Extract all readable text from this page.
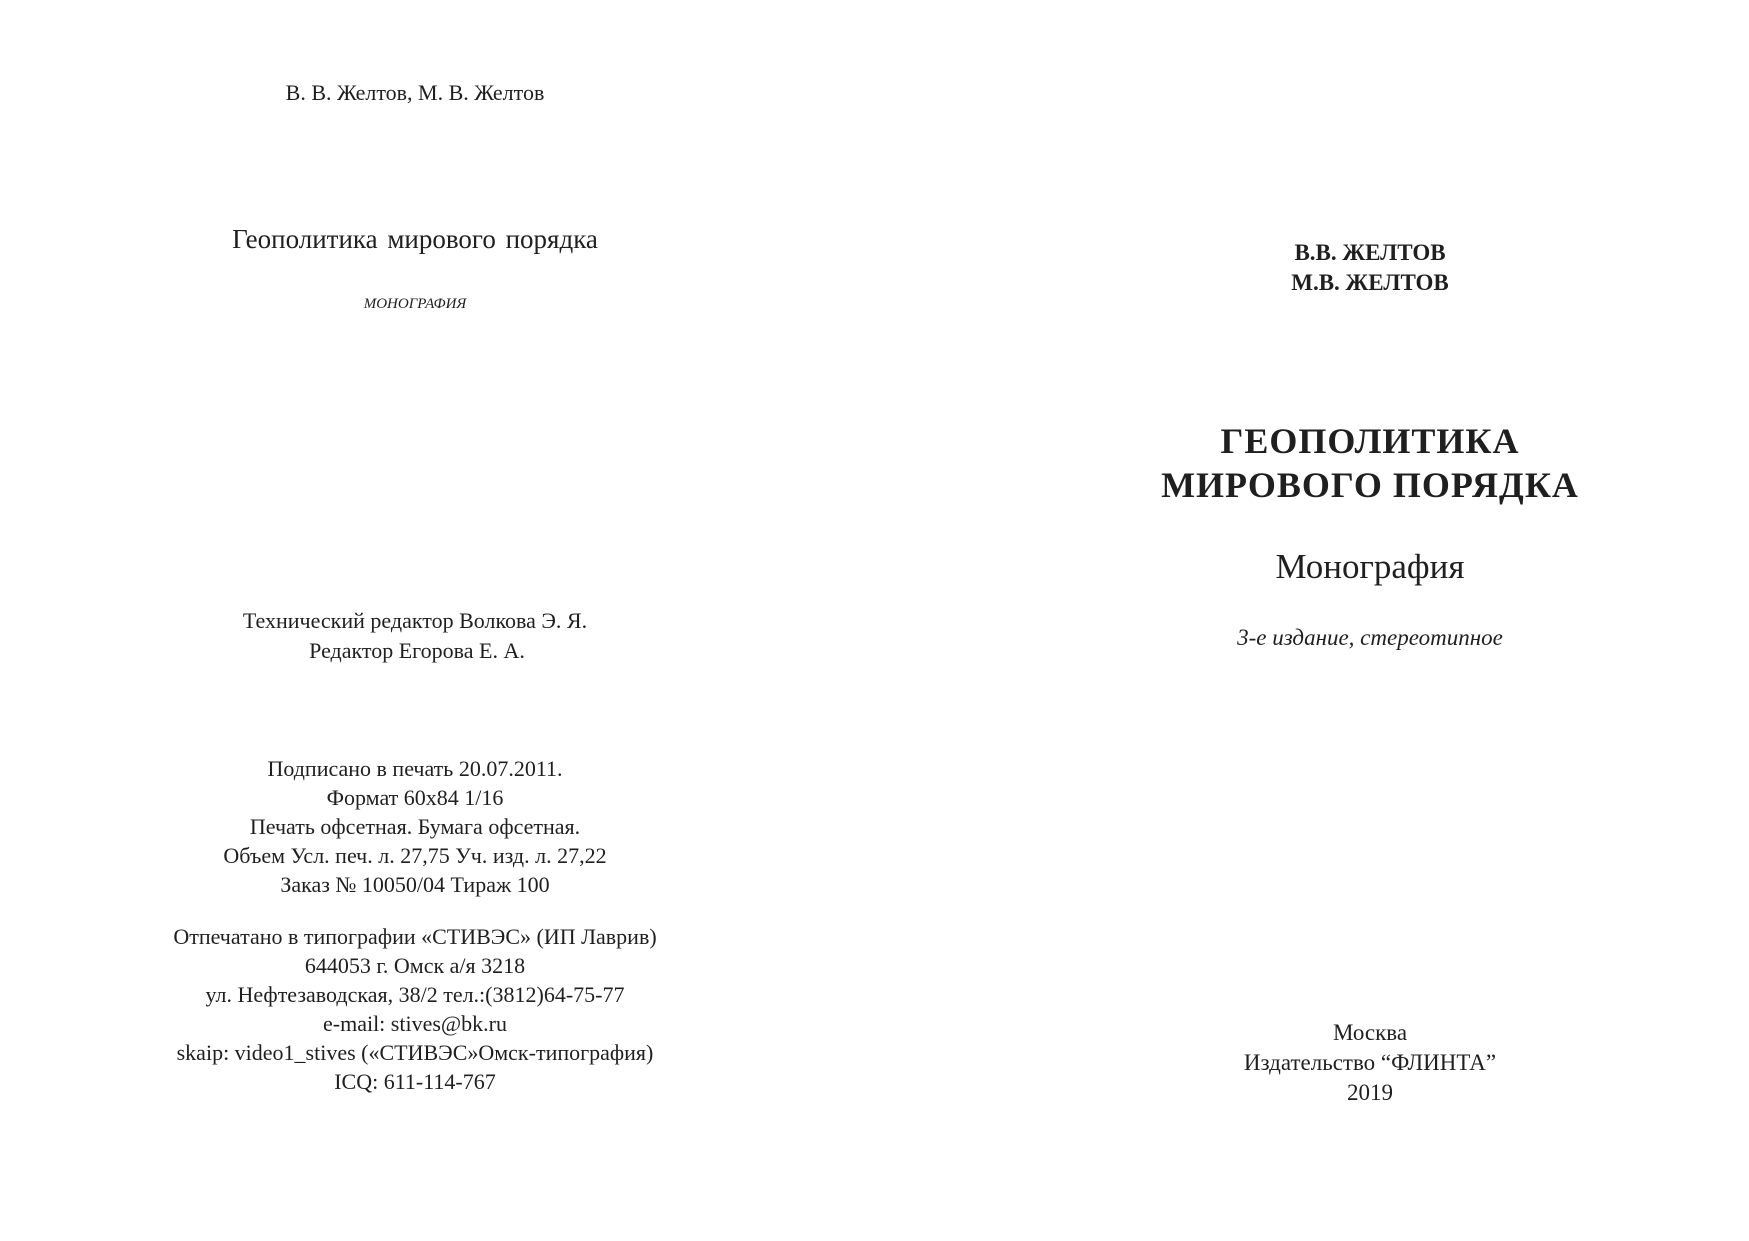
В. В. Желтов, М. В. Желтов
Геополитика мирового порядка
МОНОГРАФИЯ
Технический редактор Волкова Э. Я.
Редактор Егорова Е. А.
Подписано в печать 20.07.2011.
Формат 60х84 1/16
Печать офсетная. Бумага офсетная.
Объем Усл. печ. л. 27,75 Уч. изд. л. 27,22
Заказ № 10050/04 Тираж 100
Отпечатано в типографии «СТИВЭС» (ИП Лаврив)
644053 г. Омск а/я 3218
ул. Нефтезаводская, 38/2 тел.:(3812)64-75-77
e-mail: stives@bk.ru
skaip: video1_stives («СТИВЭС»Омск-типография)
ICQ: 611-114-767
В.В. ЖЕЛТОВ
М.В. ЖЕЛТОВ
ГЕОПОЛИТИКА
МИРОВОГО ПОРЯДКА
Монография
3-е издание, стереотипное
Москва
Издательство “ФЛИНТА”
2019
